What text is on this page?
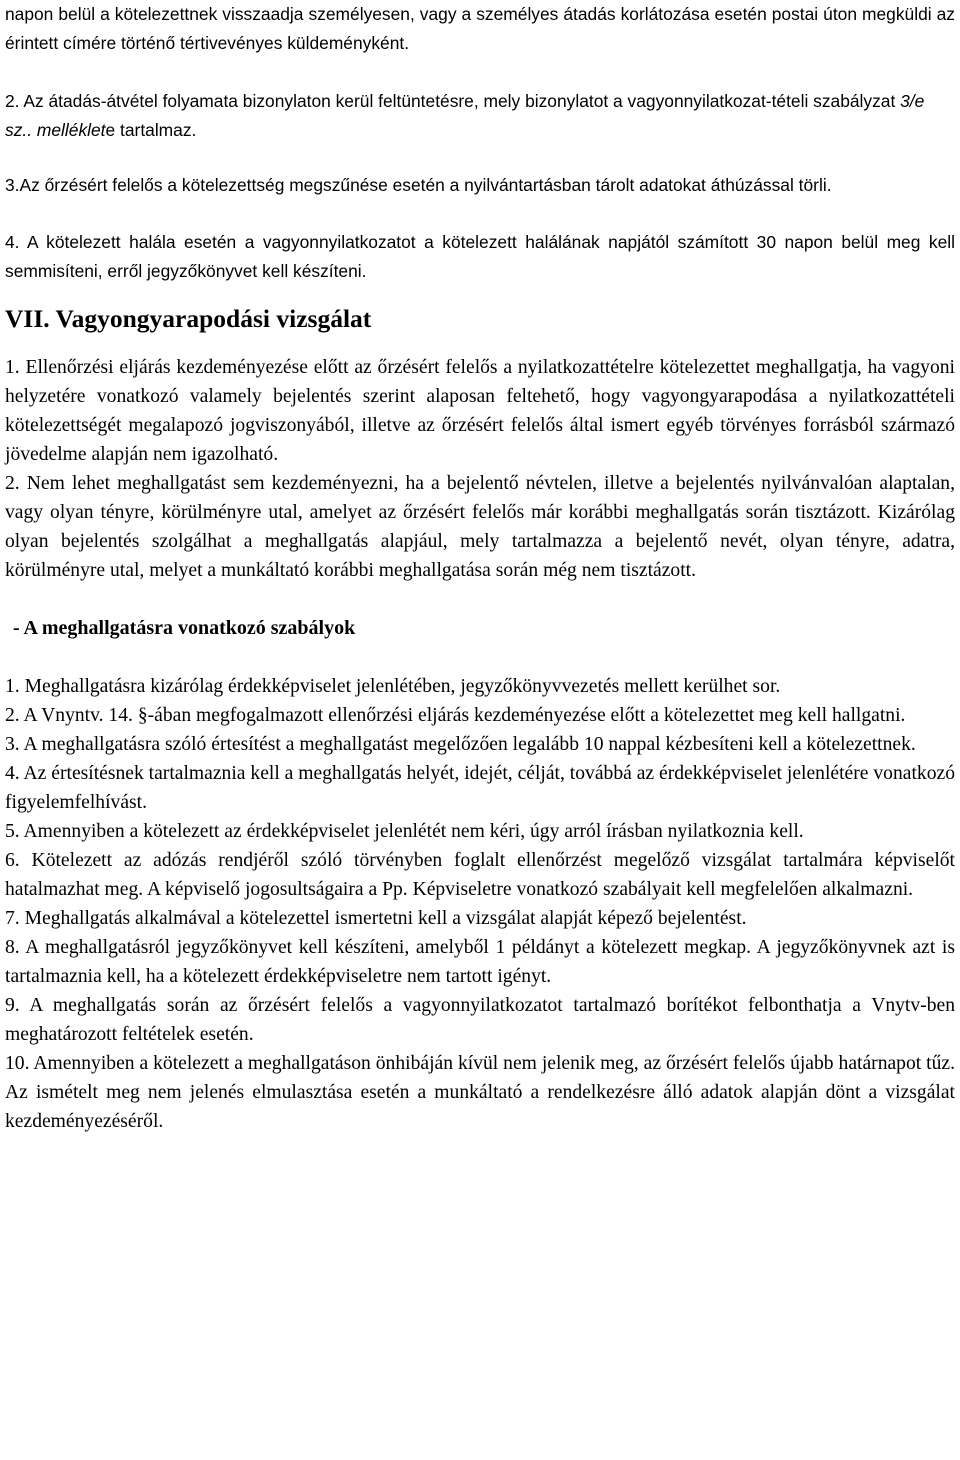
napon belül a kötelezettnek visszaadja személyesen, vagy a személyes átadás korlátozása esetén postai úton megküldi az érintett címére történő tértivevényes küldeményként.

2. Az átadás-átvétel folyamata bizonylaton kerül feltüntetésre, mely bizonylatot a vagyonnyilatkozat-tételi szabályzat 3/e sz.. melléklete tartalmaz.

3.Az őrzésért felelős a kötelezettség megszűnése esetén a nyilvántartásban tárolt adatokat áthúzással törli.

4. A kötelezett halála esetén a vagyonnyilatkozatot a kötelezett halálának napjától számított 30 napon belül meg kell semmisíteni, erről jegyzőkönyvet kell készíteni.

VII. Vagyongyarapodási vizsgálat

1. Ellenőrzési eljárás kezdeményezése előtt az őrzésért felelős a nyilatkozattételre kötelezettet meghallgatja, ha vagyoni helyzetére vonatkozó valamely bejelentés szerint alaposan feltehető, hogy vagyongyarapodása a nyilatkozattételi kötelezettségét megalapozó jogviszonyából, illetve az őrzésért felelős által ismert egyéb törvényes forrásból származó jövedelme alapján nem igazolható.

2. Nem lehet meghallgatást sem kezdeményezni, ha a bejelentő névtelen, illetve a bejelentés nyilvánvalóan alaptalan, vagy olyan tényre, körülményre utal, amelyet az őrzésért felelős már korábbi meghallgatás során tisztázott. Kizárólag olyan bejelentés szolgálhat a meghallgatás alapjául, mely tartalmazza a bejelentő nevét, olyan tényre, adatra, körülményre utal, melyet a munkáltató korábbi meghallgatása során még nem tisztázott.

- A meghallgatásra vonatkozó szabályok

1. Meghallgatásra kizárólag érdekképviselet jelenlétében, jegyzőkönyvvezetés mellett kerülhet sor.

2. A Vnyntv. 14. §-ában megfogalmazott ellenőrzési eljárás kezdeményezése előtt a kötelezettet meg kell hallgatni.

3. A meghallgatásra szóló értesítést a meghallgatást megelőzően legalább 10 nappal kézbesíteni kell a kötelezettnek.

4. Az értesítésnek tartalmaznia kell a meghallgatás helyét, idejét, célját, továbbá az érdekképviselet jelenlétére vonatkozó figyelemfelhívást.

5. Amennyiben a kötelezett az érdekképviselet jelenlétét nem kéri, úgy arról írásban nyilatkoznia kell.

6. Kötelezett az adózás rendjéről szóló törvényben foglalt ellenőrzést megelőző vizsgálat tartalmára képviselőt hatalmazhat meg. A képviselő jogosultságaira a Pp. Képviseletre vonatkozó szabályait kell megfelelően alkalmazni.

7. Meghallgatás alkalmával a kötelezettel ismertetni kell a vizsgálat alapját képező bejelentést.

8. A meghallgatásról jegyzőkönyvet kell készíteni, amelyből 1 példányt a kötelezett megkap. A jegyzőkönyvnek azt is tartalmaznia kell, ha a kötelezett érdekképviseletre nem tartott igényt.

9. A meghallgatás során az őrzésért felelős a vagyonnyilatkozatot tartalmazó borítékot felbonthatja a Vnytv-ben meghatározott feltételek esetén.

10. Amennyiben a kötelezett a meghallgatáson önhibáján kívül nem jelenik meg, az őrzésért felelős újabb határnapot tűz. Az ismételt meg nem jelenés elmulasztása esetén a munkáltató a rendelkezésre álló adatok alapján dönt a vizsgálat kezdeményezéséről.
